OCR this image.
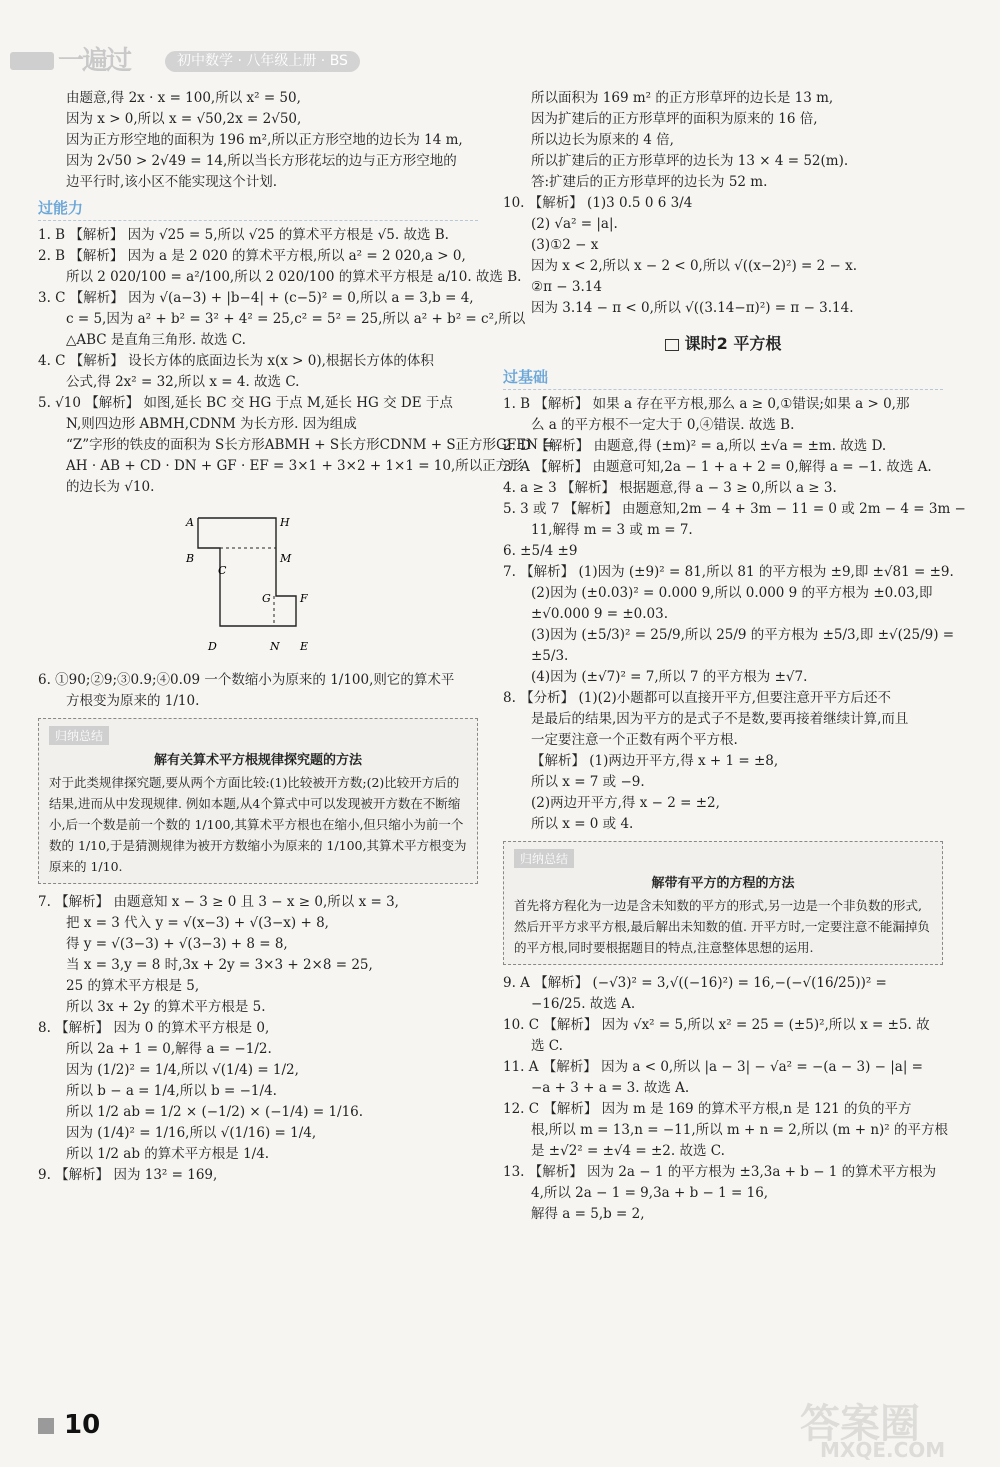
一遍过	初中数学 · 八年级上册 · BS

由题意,得 2x · x = 100,所以 x² = 50,

因为 x > 0,所以 x = √50,2x = 2√50,

因为正方形空地的面积为 196 m²,所以正方形空地的边长为 14 m,

因为 2√50 > 2√49 = 14,所以当长方形花坛的边与正方形空地的

边平行时,该小区不能实现这个计划.

过能力

1. B 【解析】 因为 √25 = 5,所以 √25 的算术平方根是 √5. 故选 B.

2. B 【解析】 因为 a 是 2 020 的算术平方根,所以 a² = 2 020,a > 0,

所以 2 020/100 = a²/100,所以 2 020/100 的算术平方根是 a/10. 故选 B.

3. C 【解析】 因为 √(a−3) + |b−4| + (c−5)² = 0,所以 a = 3,b = 4,

c = 5,因为 a² + b² = 3² + 4² = 25,c² = 5² = 25,所以 a² + b² = c²,所以

△ABC 是直角三角形. 故选 C.

4. C 【解析】 设长方体的底面边长为 x(x > 0),根据长方体的体积

公式,得 2x² = 32,所以 x = 4. 故选 C.

5. √10 【解析】 如图,延长 BC 交 HG 于点 M,延长 HG 交 DE 于点

N,则四边形 ABMH,CDNM 为长方形. 因为组成

“Z”字形的铁皮的面积为 S长方形ABMH + S长方形CDNM + S正方形GFEN =

AH · AB + CD · DN + GF · EF = 3×1 + 3×2 + 1×1 = 10,所以正方形

的边长为 √10.

A	H
B
C
M
G	F
D	N E

6. ①90;②9;③0.9;④0.09 一个数缩小为原来的 1/100,则它的算术平

方根变为原来的 1/10.

归纳总结
解有关算术平方根规律探究题的方法
对于此类规律探究题,要从两个方面比较:(1)比较被开方数;(2)比较开方后的结果,进而从中发现规律. 例如本题,从4个算式中可以发现被开方数在不断缩小,后一个数是前一个数的 1/100,其算术平方根也在缩小,但只缩小为前一个数的 1/10,于是猜测规律为被开方数缩小为原来的 1/100,其算术平方根变为原来的 1/10.

7. 【解析】 由题意知 x − 3 ≥ 0 且 3 − x ≥ 0,所以 x = 3,

把 x = 3 代入 y = √(x−3) + √(3−x) + 8,

得 y = √(3−3) + √(3−3) + 8 = 8,

当 x = 3,y = 8 时,3x + 2y = 3×3 + 2×8 = 25,

25 的算术平方根是 5,

所以 3x + 2y 的算术平方根是 5.

8. 【解析】 因为 0 的算术平方根是 0,

所以 2a + 1 = 0,解得 a = −1/2.

因为 (1/2)² = 1/4,所以 √(1/4) = 1/2,

所以 b − a = 1/4,所以 b = −1/4.

所以 1/2 ab = 1/2 × (−1/2) × (−1/4) = 1/16.

因为 (1/4)² = 1/16,所以 √(1/16) = 1/4,

所以 1/2 ab 的算术平方根是 1/4.

9. 【解析】 因为 13² = 169,

所以面积为 169 m² 的正方形草坪的边长是 13 m,

因为扩建后的正方形草坪的面积为原来的 16 倍,

所以边长为原来的 4 倍,

所以扩建后的正方形草坪的边长为 13 × 4 = 52(m).

答:扩建后的正方形草坪的边长为 52 m.

10. 【解析】 (1)3 0.5 0 6 3/4

(2) √a² = |a|.

(3)①2 − x

因为 x < 2,所以 x − 2 < 0,所以 √((x−2)²) = 2 − x.

②π − 3.14

因为 3.14 − π < 0,所以 √((3.14−π)²) = π − 3.14.

课时2 平方根
过基础

1. B 【解析】 如果 a 存在平方根,那么 a ≥ 0,①错误;如果 a > 0,那

么 a 的平方根不一定大于 0,④错误. 故选 B.

2. D 【解析】 由题意,得 (±m)² = a,所以 ±√a = ±m. 故选 D.

3. A 【解析】 由题意可知,2a − 1 + a + 2 = 0,解得 a = −1. 故选 A.

4. a ≥ 3 【解析】 根据题意,得 a − 3 ≥ 0,所以 a ≥ 3.

5. 3 或 7 【解析】 由题意知,2m − 4 + 3m − 11 = 0 或 2m − 4 = 3m −

11,解得 m = 3 或 m = 7.

6. ±5/4 ±9

7. 【解析】 (1)因为 (±9)² = 81,所以 81 的平方根为 ±9,即 ±√81 = ±9.

(2)因为 (±0.03)² = 0.000 9,所以 0.000 9 的平方根为 ±0.03,即

±√0.000 9 = ±0.03.

(3)因为 (±5/3)² = 25/9,所以 25/9 的平方根为 ±5/3,即 ±√(25/9) =

±5/3.

(4)因为 (±√7)² = 7,所以 7 的平方根为 ±√7.

8. 【分析】 (1)(2)小题都可以直接开平方,但要注意开平方后还不

是最后的结果,因为平方的是式子不是数,要再接着继续计算,而且

一定要注意一个正数有两个平方根.

【解析】 (1)两边开平方,得 x + 1 = ±8,

所以 x = 7 或 −9.

(2)两边开平方,得 x − 2 = ±2,

所以 x = 0 或 4.

归纳总结
解带有平方的方程的方法
首先将方程化为一边是含未知数的平方的形式,另一边是一个非负数的形式,然后开平方求平方根,最后解出未知数的值. 开平方时,一定要注意不能漏掉负的平方根,同时要根据题目的特点,注意整体思想的运用.

9. A 【解析】 (−√3)² = 3,√((−16)²) = 16,−(−√(16/25))² =

−16/25. 故选 A.

10. C 【解析】 因为 √x² = 5,所以 x² = 25 = (±5)²,所以 x = ±5. 故

选 C.

11. A 【解析】 因为 a < 0,所以 |a − 3| − √a² = −(a − 3) − |a| =

−a + 3 + a = 3. 故选 A.

12. C 【解析】 因为 m 是 169 的算术平方根,n 是 121 的负的平方

根,所以 m = 13,n = −11,所以 m + n = 2,所以 (m + n)² 的平方根

是 ±√2² = ±√4 = ±2. 故选 C.

13. 【解析】 因为 2a − 1 的平方根为 ±3,3a + b − 1 的算术平方根为

4,所以 2a − 1 = 9,3a + b − 1 = 16,

解得 a = 5,b = 2,

10	答案圈
MXQE.COM
